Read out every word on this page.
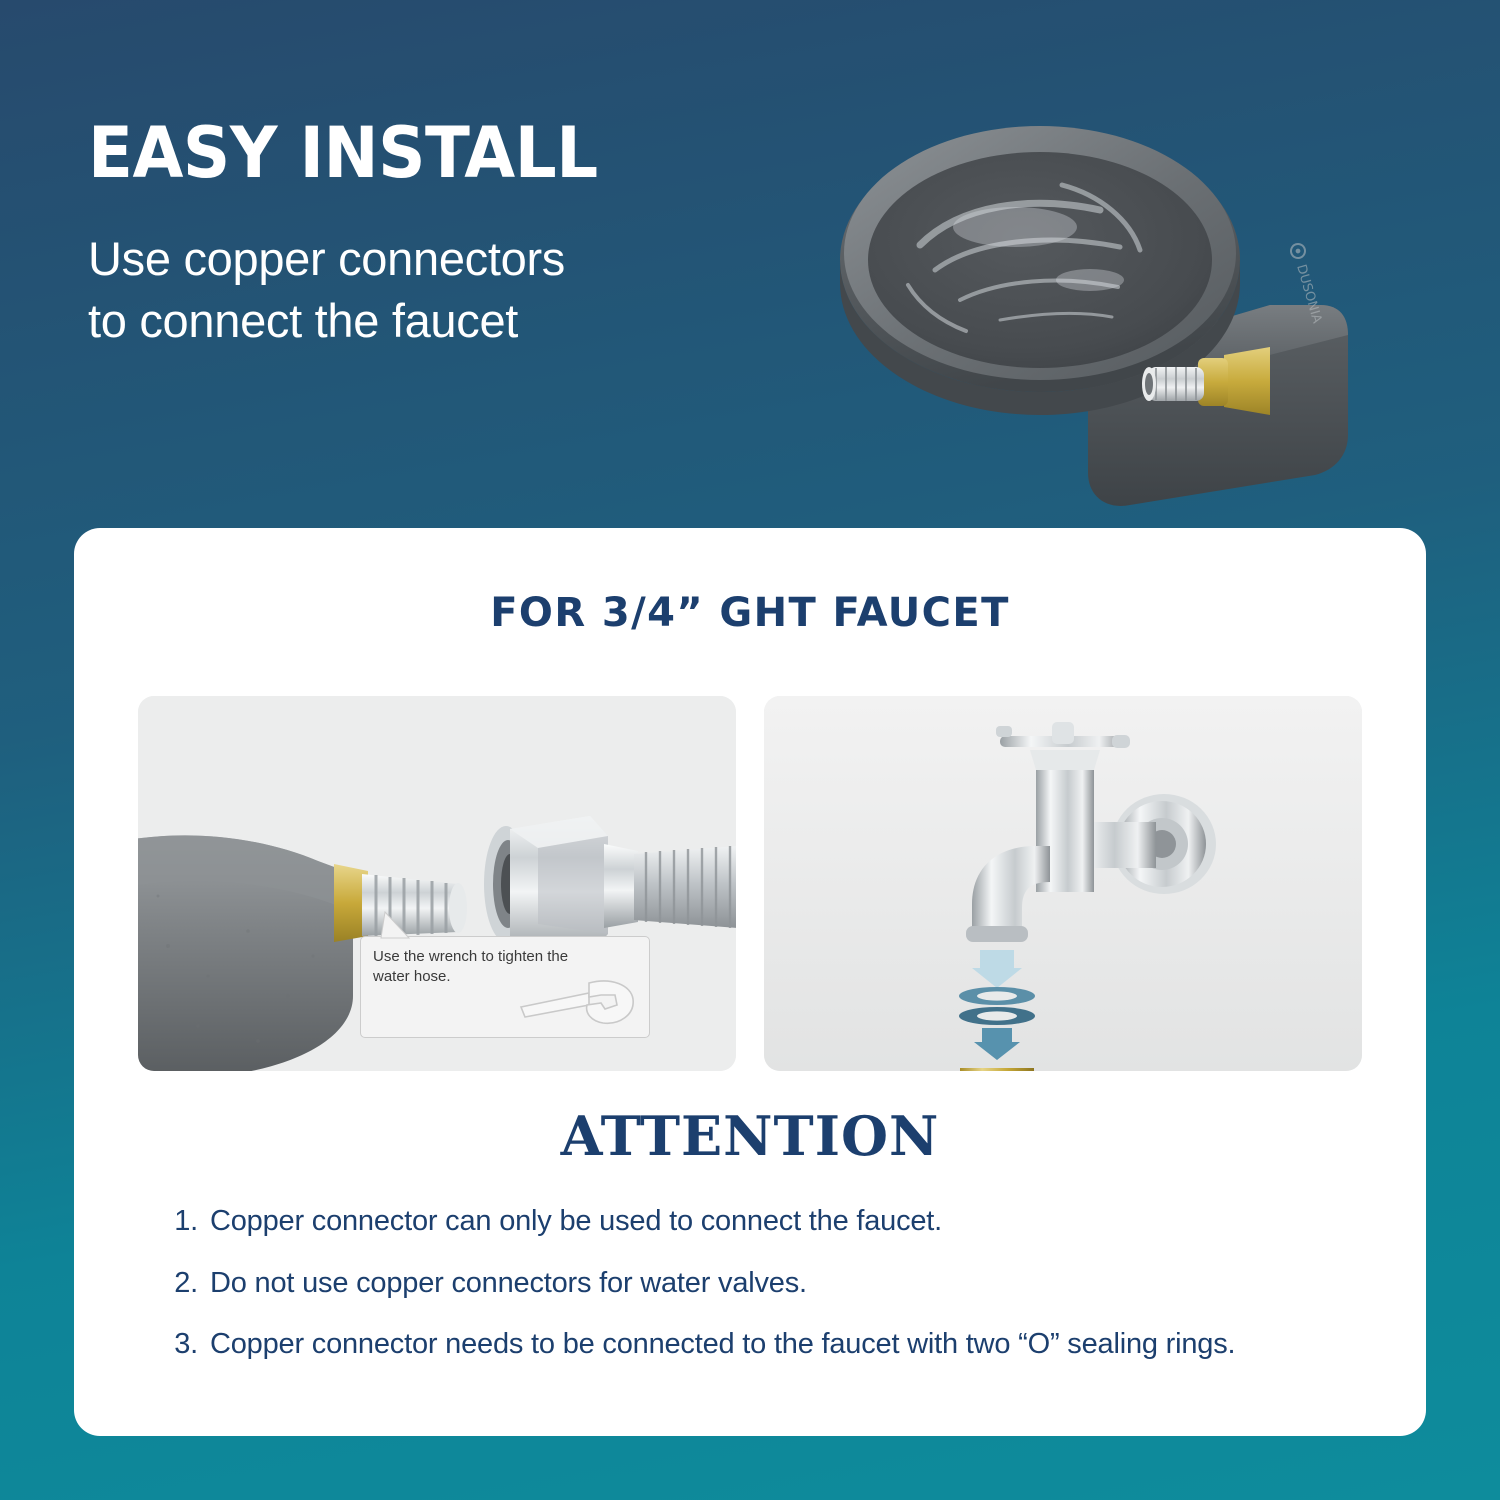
EASY INSTALL

Use copper connectors
to connect the faucet	DUSONIA
FOR 3/4” GHT FAUCET

Use the wrench to tighten the water hose.

ATTENTION
1. Copper connector can only be used to connect the faucet.
2. Do not use copper connectors for water valves.
3. Copper connector needs to be connected to the faucet with two “O” sealing rings.
